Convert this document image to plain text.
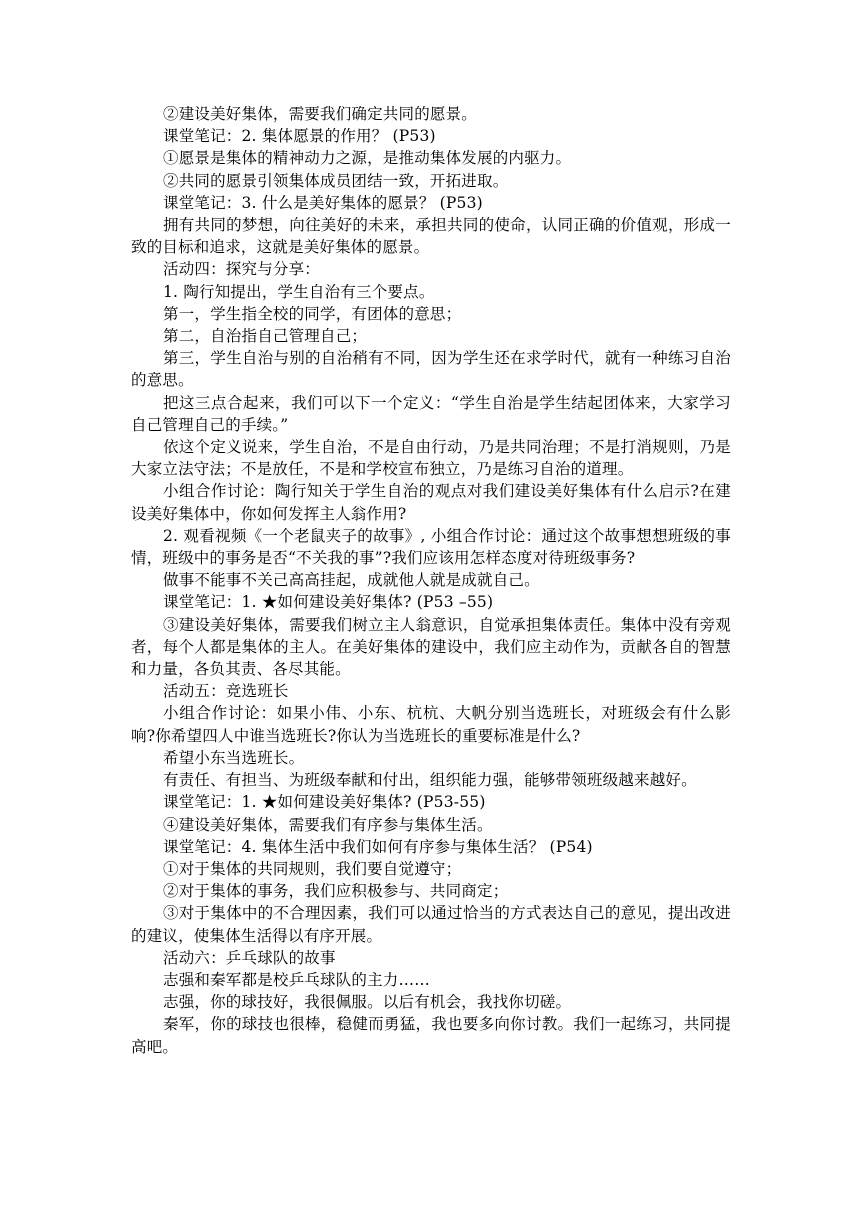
②建设美好集体，需要我们确定共同的愿景。

课堂笔记：2. 集体愿景的作用？ (P53)

①愿景是集体的精神动力之源，是推动集体发展的内驱力。

②共同的愿景引领集体成员团结一致，开拓进取。

课堂笔记：3. 什么是美好集体的愿景？ (P53)

拥有共同的梦想，向往美好的未来，承担共同的使命，认同正确的价值观，形成一致的目标和追求，这就是美好集体的愿景。

活动四：探究与分享：

1. 陶行知提出，学生自治有三个要点。

第一，学生指全校的同学，有团体的意思；

第二，自治指自己管理自己；

第三，学生自治与别的自治稍有不同，因为学生还在求学时代，就有一种练习自治的意思。

把这三点合起来，我们可以下一个定义：“学生自治是学生结起团体来，大家学习自己管理自己的手续。”

依这个定义说来，学生自治，不是自由行动，乃是共同治理；不是打消规则，乃是大家立法守法；不是放任，不是和学校宣布独立，乃是练习自治的道理。

小组合作讨论：陶行知关于学生自治的观点对我们建设美好集体有什么启示?在建设美好集体中，你如何发挥主人翁作用?

2. 观看视频《一个老鼠夹子的故事》, 小组合作讨论：通过这个故事想想班级的事情，班级中的事务是否“不关我的事”?我们应该用怎样态度对待班级事务?

做事不能事不关己高高挂起，成就他人就是成就自己。

课堂笔记：1. ★如何建设美好集体? (P53 –55)

③建设美好集体，需要我们树立主人翁意识，自觉承担集体责任。集体中没有旁观者，每个人都是集体的主人。在美好集体的建设中，我们应主动作为，贡献各自的智慧和力量，各负其责、各尽其能。

活动五：竞选班长

小组合作讨论：如果小伟、小东、杭杭、大帆分别当选班长，对班级会有什么影响?你希望四人中谁当选班长?你认为当选班长的重要标准是什么?

希望小东当选班长。

有责任、有担当、为班级奉献和付出，组织能力强，能够带领班级越来越好。

课堂笔记：1. ★如何建设美好集体? (P53-55)

④建设美好集体，需要我们有序参与集体生活。

课堂笔记：4. 集体生活中我们如何有序参与集体生活？ (P54)

①对于集体的共同规则，我们要自觉遵守；

②对于集体的事务，我们应积极参与、共同商定；

③对于集体中的不合理因素，我们可以通过恰当的方式表达自己的意见，提出改进的建议，使集体生活得以有序开展。

活动六：乒乓球队的故事

志强和秦军都是校乒乓球队的主力……

志强，你的球技好，我很佩服。以后有机会，我找你切磋。

秦军，你的球技也很棒，稳健而勇猛，我也要多向你讨教。我们一起练习，共同提高吧。
